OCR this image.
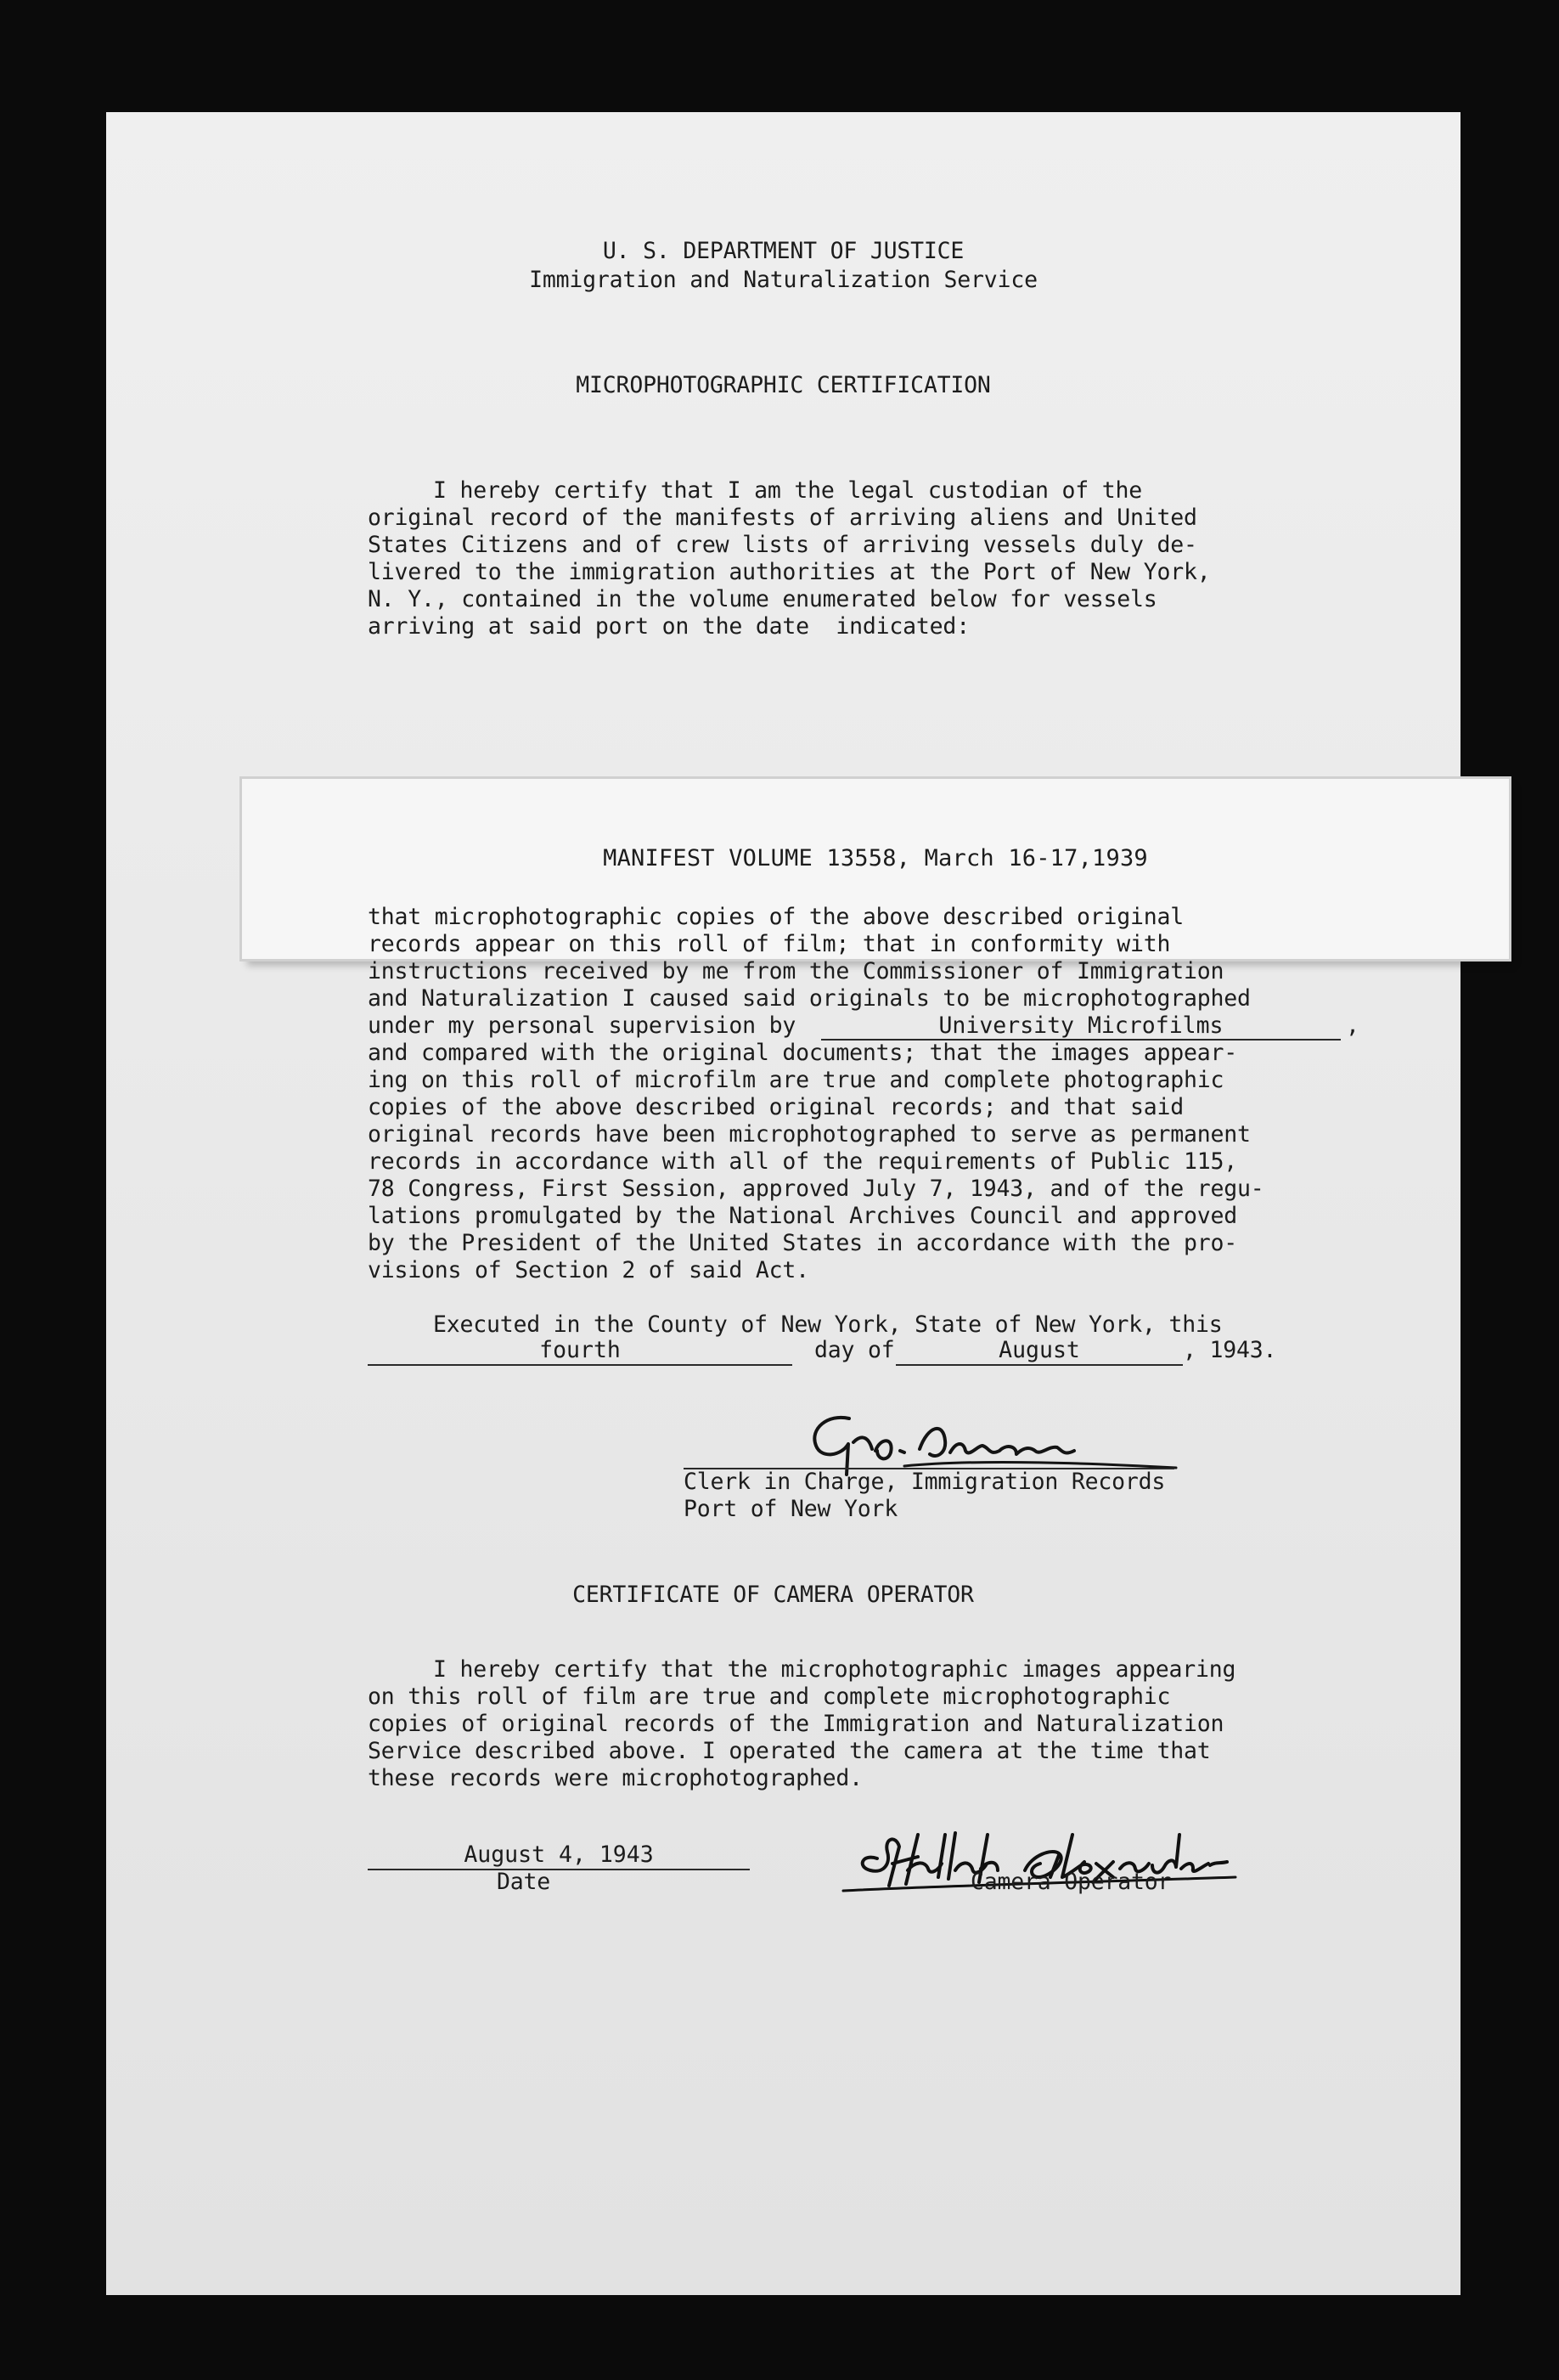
U. S. DEPARTMENT OF JUSTICE
Immigration and Naturalization Service
MICROPHOTOGRAPHIC CERTIFICATION
I hereby certify that I am the legal custodian of the
original record of the manifests of arriving aliens and United
States Citizens and of crew lists of arriving vessels duly de-
livered to the immigration authorities at the Port of New York,
N. Y., contained in the volume enumerated below for vessels
arriving at said port on the date  indicated:
MANIFEST VOLUME 13558, March 16-17,1939
that microphotographic copies of the above described original
records appear on this roll of film; that in conformity with
instructions received by me from the Commissioner of Immigration
and Naturalization I caused said originals to be microphotographed
under my personal supervision by	University Microfilms	,
and compared with the original documents; that the images appear-
ing on this roll of microfilm are true and complete photographic
copies of the above described original records; and that said
original records have been microphotographed to serve as permanent
records in accordance with all of the requirements of Public 115,
78 Congress, First Session, approved July 7, 1943, and of the regu-
lations promulgated by the National Archives Council and approved
by the President of the United States in accordance with the pro-
visions of Section 2 of said Act.
Executed in the County of New York, State of New York, this
fourth	day of	August	, 1943.
Clerk in Charge, Immigration Records
Port of New York
CERTIFICATE OF CAMERA OPERATOR
I hereby certify that the microphotographic images appearing
on this roll of film are true and complete microphotographic
copies of original records of the Immigration and Naturalization
Service described above. I operated the camera at the time that
these records were microphotographed.
August 4, 1943
Date	Camera Operator
